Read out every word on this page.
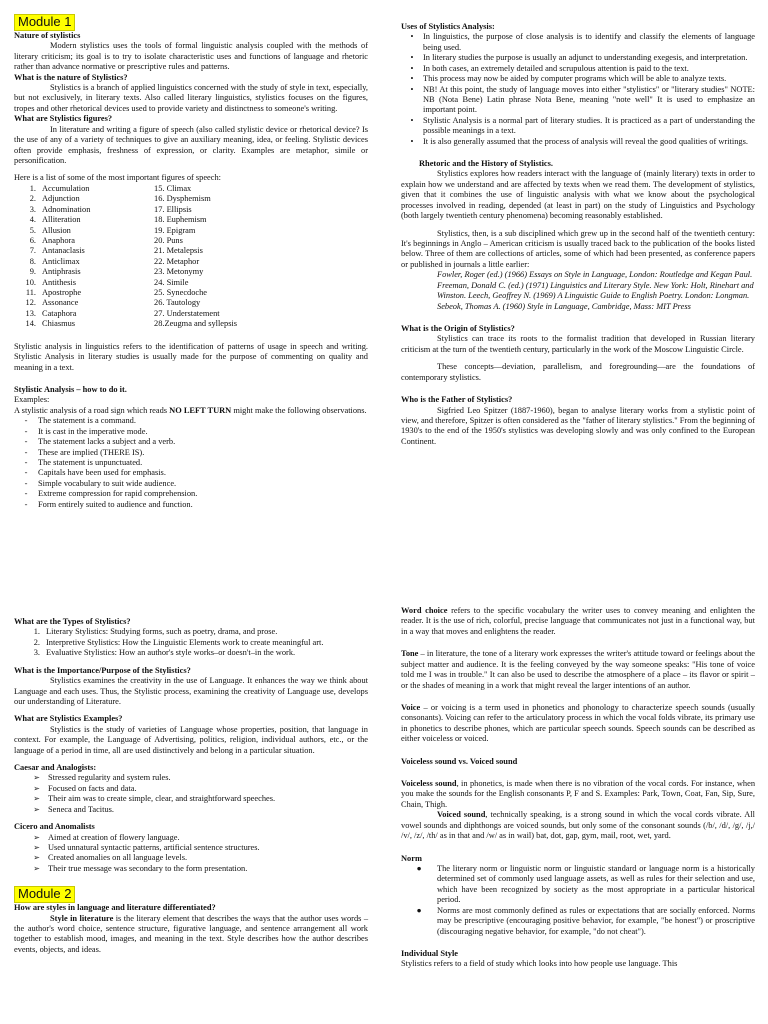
Module 1

Nature of stylistics

Modern stylistics uses the tools of formal linguistic analysis coupled with the methods of literary criticism; its goal is to try to isolate characteristic uses and functions of language and rhetoric rather than advance normative or prescriptive rules and patterns.

What is the nature of Stylistics?

Stylistics is a branch of applied linguistics concerned with the study of style in text, especially, but not exclusively, in literary texts. Also called literary linguistics, stylistics focuses on the figures, tropes and other rhetorical devices used to provide variety and distinctness to someone's writing.

What are Stylistics figures?

In literature and writing a figure of speech (also called stylistic device or rhetorical device? Is the use of any of a variety of techniques to give an auxiliary meaning, idea, or feeling. Stylistic devices often provide emphasis, freshness of expression, or clarity. Examples are metaphor, simile or personification.

Here is a list of some of the most important figures of speech:

1. Accumulation
2. Adjunction
3. Adnomination
4. Alliteration
5. Allusion
6. Anaphora
7. Antanaclasis
8. Anticlimax
9. Antiphrasis
10. Antithesis
11. Apostrophe
12. Assonance
13. Cataphora
14. Chiasmus
15. Climax
16. Dysphemism
17. Ellipsis
18. Euphemism
19. Epigram
20. Puns
21. Metalepsis
22. Metaphor
23. Metonymy
24. Simile
25. Synecdoche
26. Tautology
27. Understatement
28.Zeugma and syllepsis

Stylistic analysis in linguistics refers to the identification of patterns of usage in speech and writing. Stylistic Analysis in literary studies is usually made for the purpose of commenting on quality and meaning in a text.

Stylistic Analysis – how to do it.

Examples:

A stylistic analysis of a road sign which reads NO LEFT TURN might make the following observations.

-	The statement is a command.
-	It is cast in the imperative mode.
-	The statement lacks a subject and a verb.
-	These are implied (THERE IS).
-	The statement is unpunctuated.
-	Capitals have been used for emphasis.
-	Simple vocabulary to suit wide audience.
-	Extreme compression for rapid comprehension.
-	Form entirely suited to audience and function.

Uses of Stylistics Analysis:

•	In linguistics, the purpose of close analysis is to identify and classify the elements of language being used.
•	In literary studies the purpose is usually an adjunct to understanding exegesis, and interpretation.
•	In both cases, an extremely detailed and scrupulous attention is paid to the text.
•	This process may now be aided by computer programs which will be able to analyze texts.
•	NB! At this point, the study of language moves into either "stylistics" or "literary studies" NOTE: NB (Nota Bene) Latin phrase Nota Bene, meaning "note well" It is used to emphasize an important point.
•	Stylistic Analysis is a normal part of literary studies. It is practiced as a part of understanding the possible meanings in a text.
•	It is also generally assumed that the process of analysis will reveal the good qualities of writings.

Rhetoric and the History of Stylistics.

Stylistics explores how readers interact with the language of (mainly literary) texts in order to explain how we understand and are affected by texts when we read them. The development of stylistics, given that it combines the use of linguistic analysis with what we know about the psychological processes involved in reading, depended (at least in part) on the study of Linguistics and Psychology (both largely twentieth century phenomena) becoming reasonably established.

Stylistics, then, is a sub disciplined which grew up in the second half of the twentieth century: It's beginnings in Anglo – American criticism is usually traced back to the publication of the books listed below. Three of them are collections of articles, some of which had been presented, as conference papers or published in journals a little earlier:

Fowler, Roger (ed.) (1966) Essays on Style in Language, London: Routledge and Kegan Paul.

Freeman, Donald C. (ed.) (1971) Linguistics and Literary Style. New York: Holt, Rinehart and

Winston. Leech, Geoffrey N. (1969) A Linguistic Guide to English Poetry. London: Longman.

Sebeok, Thomas A. (1960) Style in Language, Cambridge, Mass: MIT Press

What is the Origin of Stylistics?

Stylistics can trace its roots to the formalist tradition that developed in Russian literary criticism at the turn of the twentieth century, particularly in the work of the Moscow Linguistic Circle.

These concepts—deviation, parallelism, and foregrounding—are the foundations of contemporary stylistics.

Who is the Father of Stylistics?

Sigfried Leo Spitzer (1887-1960), began to analyse literary works from a stylistic point of view, and therefore, Spitzer is often considered as the "father of literary stylistics." From the beginning of 1930's to the end of the 1950's stylistics was developing slowly and was only confined to the European Continent.

What are the Types of Stylistics?

1. Literary Stylistics: Studying forms, such as poetry, drama, and prose.
2. Interpretive Stylistics: How the Linguistic Elements work to create meaningful art.
3. Evaluative Stylistics: How an author's style works–or doesn't–in the work.

What is the Importance/Purpose of the Stylistics?

Stylistics examines the creativity in the use of Language. It enhances the way we think about Language and each uses. Thus, the Stylistic process, examining the creativity of Language use, develops our understanding of Literature.

What are Stylistics Examples?

Stylistics is the study of varieties of Language whose properties, position, that language in context. For example, the Language of Advertising, politics, religion, individual authors, etc., or the language of a period in time, all are used distinctively and belong in a particular situation.

Caesar and Analogists:

➢ Stressed regularity and system rules.
➢ Focused on facts and data.
➢ Their aim was to create simple, clear, and straightforward speeches.
➢ Seneca and Tacitus.

Cicero and Anomalists

➢ Aimed at creation of flowery language.
➢ Used unnatural syntactic patterns, artificial sentence structures.
➢ Created anomalies on all language levels.
➢ Their true message was secondary to the form presentation.
Module 2

How are styles in language and literature differentiated?

Style in literature is the literary element that describes the ways that the author uses words – the author's word choice, sentence structure, figurative language, and sentence arrangement all work together to establish mood, images, and meaning in the text. Style describes how the author describes events, objects, and ideas.

Word choice refers to the specific vocabulary the writer uses to convey meaning and enlighten the reader. It is the use of rich, colorful, precise language that communicates not just in a functional way, but in a way that moves and enlightens the reader.

Tone – in literature, the tone of a literary work expresses the writer's attitude toward or feelings about the subject matter and audience. It is the feeling conveyed by the way someone speaks: "His tone of voice told me I was in trouble." It can also be used to describe the atmosphere of a place – its flavor or spirit – or the shades of meaning in a work that might reveal the larger intentions of an author.

Voice – or voicing is a term used in phonetics and phonology to characterize speech sounds (usually consonants). Voicing can refer to the articulatory process in which the vocal folds vibrate, its primary use in phonetics to describe phones, which are particular speech sounds. Speech sounds can be described as either voiceless or voiced.

Voiceless sound vs. Voiced sound

Voiceless sound, in phonetics, is made when there is no vibration of the vocal cords. For instance, when you make the sounds for the English consonants P, F and S. Examples: Park, Town, Coat, Fan, Sip, Sure, Chain, Thigh.

Voiced sound, technically speaking, is a strong sound in which the vocal cords vibrate. All vowel sounds and diphthongs are voiced sounds, but only some of the consonant sounds (/b/, /d/, /g/, /j,/ /v/, /z/, /th/ as in that and /w/ as in wail) bat, dot, gap, gym, mail, root, wet, yard.

Norm

●	The literary norm or linguistic norm or linguistic standard or language norm is a historically determined set of commonly used language assets, as well as rules for their selection and use, which have been recognized by society as the most appropriate in a particular historical period.
●	Norms are most commonly defined as rules or expectations that are socially enforced. Norms may be prescriptive (encouraging positive behavior, for example, "be honest") or proscriptive (discouraging negative behavior, for example, "do not cheat").

Individual Style

Stylistics refers to a field of study which looks into how people use language. This
